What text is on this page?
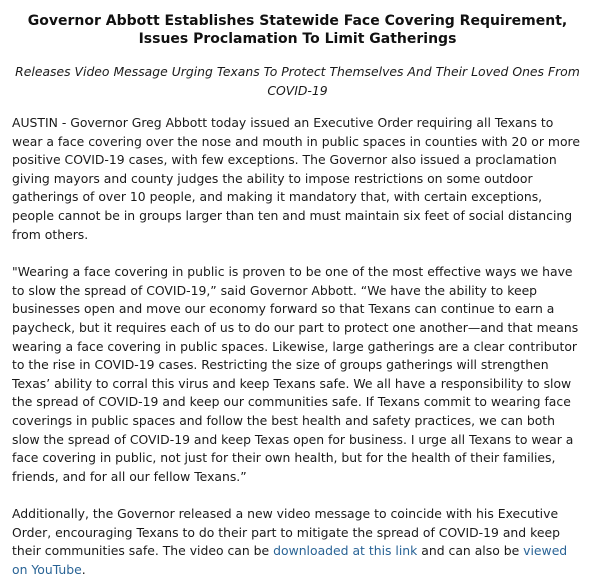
Governor Abbott Establishes Statewide Face Covering Requirement, Issues Proclamation To Limit Gatherings

Releases Video Message Urging Texans To Protect Themselves And Their Loved Ones From COVID-19

AUSTIN - Governor Greg Abbott today issued an Executive Order requiring all Texans to wear a face covering over the nose and mouth in public spaces in counties with 20 or more positive COVID-19 cases, with few exceptions. The Governor also issued a proclamation giving mayors and county judges the ability to impose restrictions on some outdoor gatherings of over 10 people, and making it mandatory that, with certain exceptions, people cannot be in groups larger than ten and must maintain six feet of social distancing from others.

"Wearing a face covering in public is proven to be one of the most effective ways we have to slow the spread of COVID-19,” said Governor Abbott. “We have the ability to keep businesses open and move our economy forward so that Texans can continue to earn a paycheck, but it requires each of us to do our part to protect one another—and that means wearing a face covering in public spaces. Likewise, large gatherings are a clear contributor to the rise in COVID-19 cases. Restricting the size of groups gatherings will strengthen Texas’ ability to corral this virus and keep Texans safe. We all have a responsibility to slow the spread of COVID-19 and keep our communities safe. If Texans commit to wearing face coverings in public spaces and follow the best health and safety practices, we can both slow the spread of COVID-19 and keep Texas open for business. I urge all Texans to wear a face covering in public, not just for their own health, but for the health of their families, friends, and for all our fellow Texans.”

Additionally, the Governor released a new video message to coincide with his Executive Order, encouraging Texans to do their part to mitigate the spread of COVID-19 and keep their communities safe. The video can be downloaded at this link and can also be viewed on YouTube.
